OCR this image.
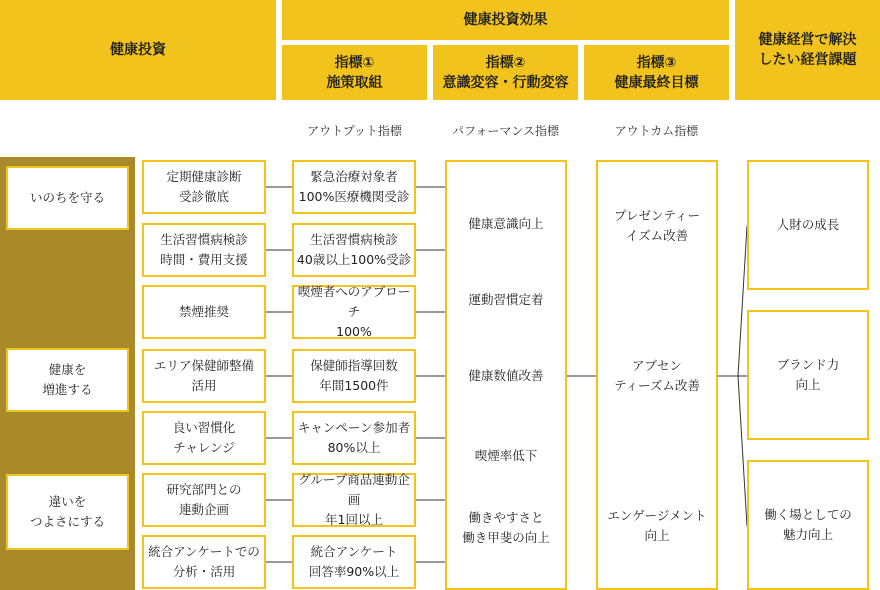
健康投資
健康投資効果
指標①
施策取組
指標②
意識変容・行動変容
指標③
健康最終目標
健康経営で解決
したい経営課題
アウトプット指標	パフォーマンス指標	アウトカム指標
いのちを守る
健康を
増進する
違いを
つよさにする
定期健康診断
受診徹底
生活習慣病検診
時間・費用支援
禁煙推奨
エリア保健師整備
活用
良い習慣化
チャレンジ
研究部門との
連動企画
統合アンケートでの
分析・活用
緊急治療対象者
100%医療機関受診
生活習慣病検診
40歳以上100%受診
喫煙者へのアプローチ
100%
保健師指導回数
年間1500件
キャンペーン参加者
80%以上
グループ商品連動企画
年1回以上
統合アンケート
回答率90%以上

健康意識向上

運動習慣定着

健康数値改善

喫煙率低下

働きやすさと
働き甲斐の向上

プレゼンティー
イズム改善

アブセン
ティーズム改善

エンゲージメント
向上

人財の成長
ブランド力
向上
働く場としての
魅力向上
